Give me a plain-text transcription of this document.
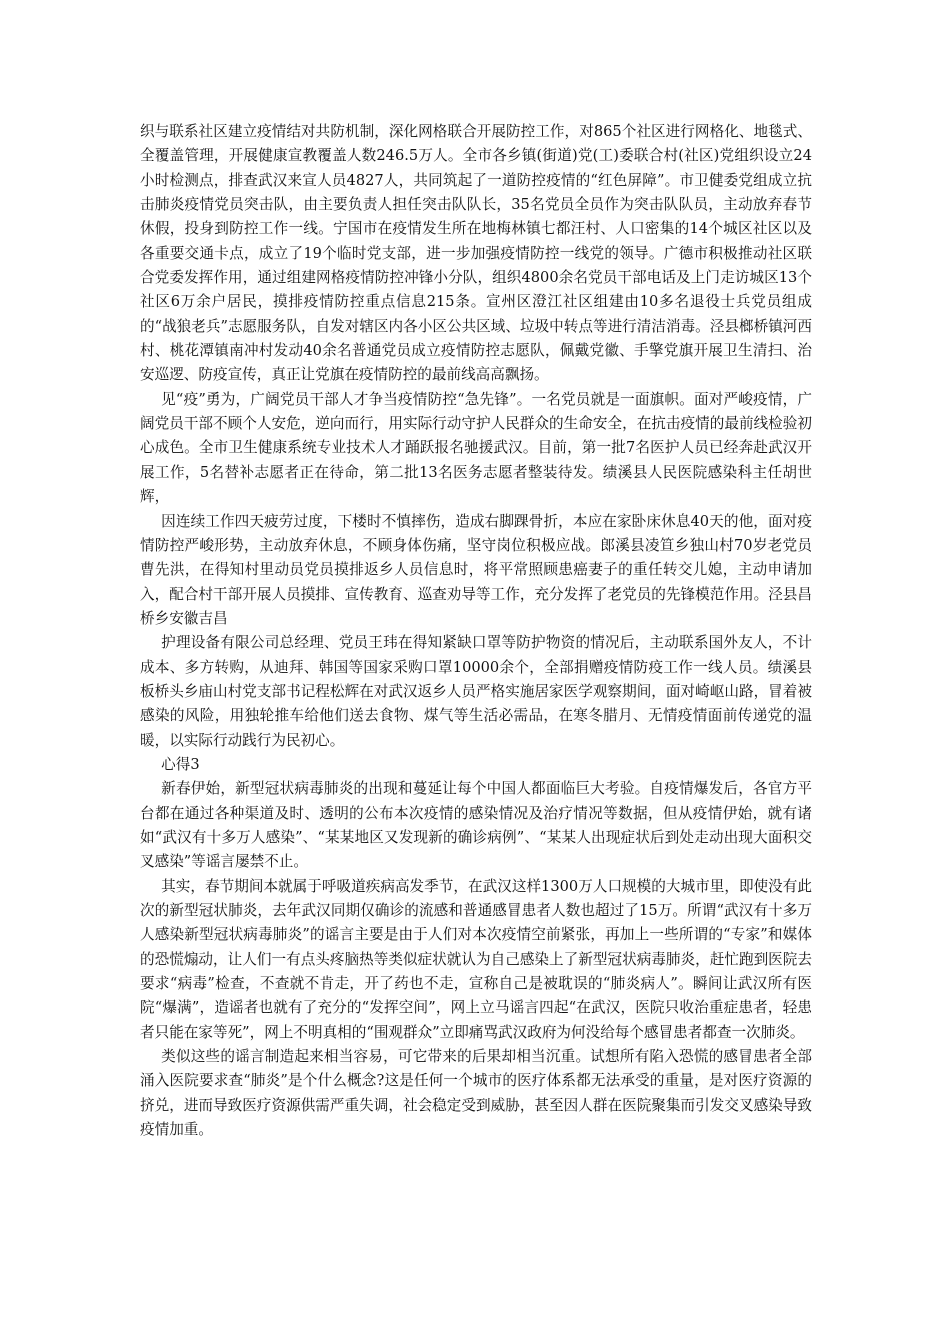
织与联系社区建立疫情结对共防机制，深化网格联合开展防控工作，对865个社区进行网格化、地毯式、全覆盖管理，开展健康宣教覆盖人数246.5万人。全市各乡镇(街道)党(工)委联合村(社区)党组织设立24小时检测点，排查武汉来宣人员4827人，共同筑起了一道防控疫情的“红色屏障”。市卫健委党组成立抗击肺炎疫情党员突击队，由主要负责人担任突击队队长，35名党员全员作为突击队队员，主动放弃春节休假，投身到防控工作一线。宁国市在疫情发生所在地梅林镇七都汪村、人口密集的14个城区社区以及各重要交通卡点，成立了19个临时党支部，进一步加强疫情防控一线党的领导。广德市积极推动社区联合党委发挥作用，通过组建网格疫情防控冲锋小分队，组织4800余名党员干部电话及上门走访城区13个社区6万余户居民，摸排疫情防控重点信息215条。宣州区澄江社区组建由10多名退役士兵党员组成的“战狼老兵”志愿服务队，自发对辖区内各小区公共区域、垃圾中转点等进行清洁消毒。泾县榔桥镇河西村、桃花潭镇南冲村发动40余名普通党员成立疫情防控志愿队，佩戴党徽、手擎党旗开展卫生清扫、治安巡逻、防疫宣传，真正让党旗在疫情防控的最前线高高飘扬。

见“疫”勇为，广阔党员干部人才争当疫情防控“急先锋”。一名党员就是一面旗帜。面对严峻疫情，广阔党员干部不顾个人安危，逆向而行，用实际行动守护人民群众的生命安全，在抗击疫情的最前线检验初心成色。全市卫生健康系统专业技术人才踊跃报名驰援武汉。目前，第一批7名医护人员已经奔赴武汉开展工作，5名替补志愿者正在待命，第二批13名医务志愿者整装待发。绩溪县人民医院感染科主任胡世辉，

因连续工作四天疲劳过度，下楼时不慎摔伤，造成右脚踝骨折，本应在家卧床休息40天的他，面对疫情防控严峻形势，主动放弃休息，不顾身体伤痛，坚守岗位积极应战。郎溪县凌笪乡独山村70岁老党员曹先洪，在得知村里动员党员摸排返乡人员信息时，将平常照顾患癌妻子的重任转交儿媳，主动申请加入，配合村干部开展人员摸排、宣传教育、巡查劝导等工作，充分发挥了老党员的先锋模范作用。泾县昌桥乡安徽吉昌

护理设备有限公司总经理、党员王玮在得知紧缺口罩等防护物资的情况后，主动联系国外友人，不计成本、多方转购，从迪拜、韩国等国家采购口罩10000余个，全部捐赠疫情防疫工作一线人员。绩溪县板桥头乡庙山村党支部书记程松辉在对武汉返乡人员严格实施居家医学观察期间，面对崎岖山路，冒着被感染的风险，用独轮推车给他们送去食物、煤气等生活必需品，在寒冬腊月、无情疫情面前传递党的温暖，以实际行动践行为民初心。

心得3

新春伊始，新型冠状病毒肺炎的出现和蔓延让每个中国人都面临巨大考验。自疫情爆发后，各官方平台都在通过各种渠道及时、透明的公布本次疫情的感染情况及治疗情况等数据，但从疫情伊始，就有诸如“武汉有十多万人感染”、“某某地区又发现新的确诊病例”、“某某人出现症状后到处走动出现大面积交叉感染”等谣言屡禁不止。

其实，春节期间本就属于呼吸道疾病高发季节，在武汉这样1300万人口规模的大城市里，即使没有此次的新型冠状肺炎，去年武汉同期仅确诊的流感和普通感冒患者人数也超过了15万。所谓“武汉有十多万人感染新型冠状病毒肺炎”的谣言主要是由于人们对本次疫情空前紧张，再加上一些所谓的“专家”和媒体的恐慌煽动，让人们一有点头疼脑热等类似症状就认为自己感染上了新型冠状病毒肺炎，赶忙跑到医院去要求“病毒”检查，不查就不肯走，开了药也不走，宣称自己是被耽误的“肺炎病人”。瞬间让武汉所有医院“爆满”，造谣者也就有了充分的“发挥空间”，网上立马谣言四起“在武汉，医院只收治重症患者，轻患者只能在家等死”，网上不明真相的“围观群众”立即痛骂武汉政府为何没给每个感冒患者都查一次肺炎。

类似这些的谣言制造起来相当容易，可它带来的后果却相当沉重。试想所有陷入恐慌的感冒患者全部涌入医院要求查“肺炎”是个什么概念?这是任何一个城市的医疗体系都无法承受的重量，是对医疗资源的挤兑，进而导致医疗资源供需严重失调，社会稳定受到威胁，甚至因人群在医院聚集而引发交叉感染导致疫情加重。
